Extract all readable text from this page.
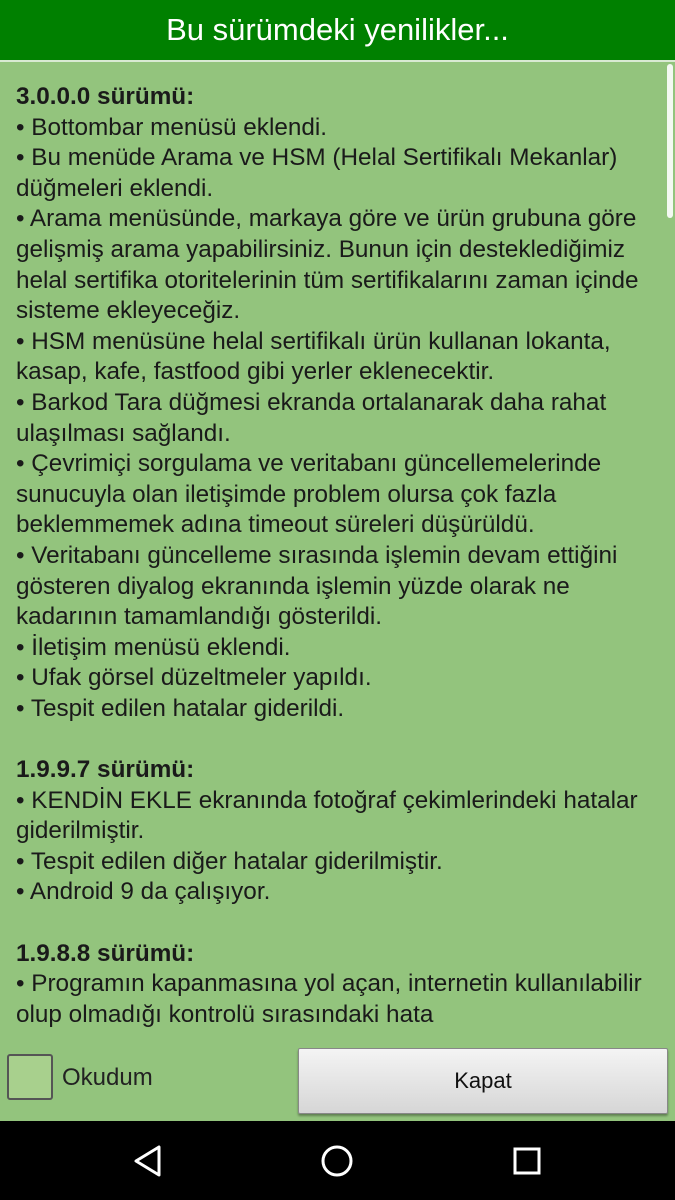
Bu sürümdeki yenilikler...
3.0.0.0 sürümü:
• Bottombar menüsü eklendi.
• Bu menüde Arama ve HSM (Helal Sertifikalı Mekanlar) düğmeleri eklendi.
• Arama menüsünde, markaya göre ve ürün grubuna göre gelişmiş arama yapabilirsiniz. Bunun için desteklediğimiz helal sertifika otoritelerinin tüm sertifikalarını zaman içinde sisteme ekleyeceğiz.
• HSM menüsüne helal sertifikalı ürün kullanan lokanta, kasap, kafe, fastfood gibi yerler eklenecektir.
• Barkod Tara düğmesi ekranda ortalanarak daha rahat ulaşılması sağlandı.
• Çevrimiçi sorgulama ve veritabanı güncellemelerinde sunucuyla olan iletişimde problem olursa çok fazla beklemmemek adına timeout süreleri düşürüldü.
• Veritabanı güncelleme sırasında işlemin devam ettiğini gösteren diyalog ekranında işlemin yüzde olarak ne kadarının tamamlandığı gösterildi.
• İletişim menüsü eklendi.
• Ufak görsel düzeltmeler yapıldı.
• Tespit edilen hatalar giderildi.
1.9.9.7 sürümü:
• KENDİN EKLE ekranında fotoğraf çekimlerindeki hatalar giderilmiştir.
• Tespit edilen diğer hatalar giderilmiştir.
• Android 9 da çalışıyor.
1.9.8.8 sürümü:
• Programın kapanmasına yol açan, internetin kullanılabilir olup olmadığı kontrolü sırasındaki hata
Okudum	Kapat
